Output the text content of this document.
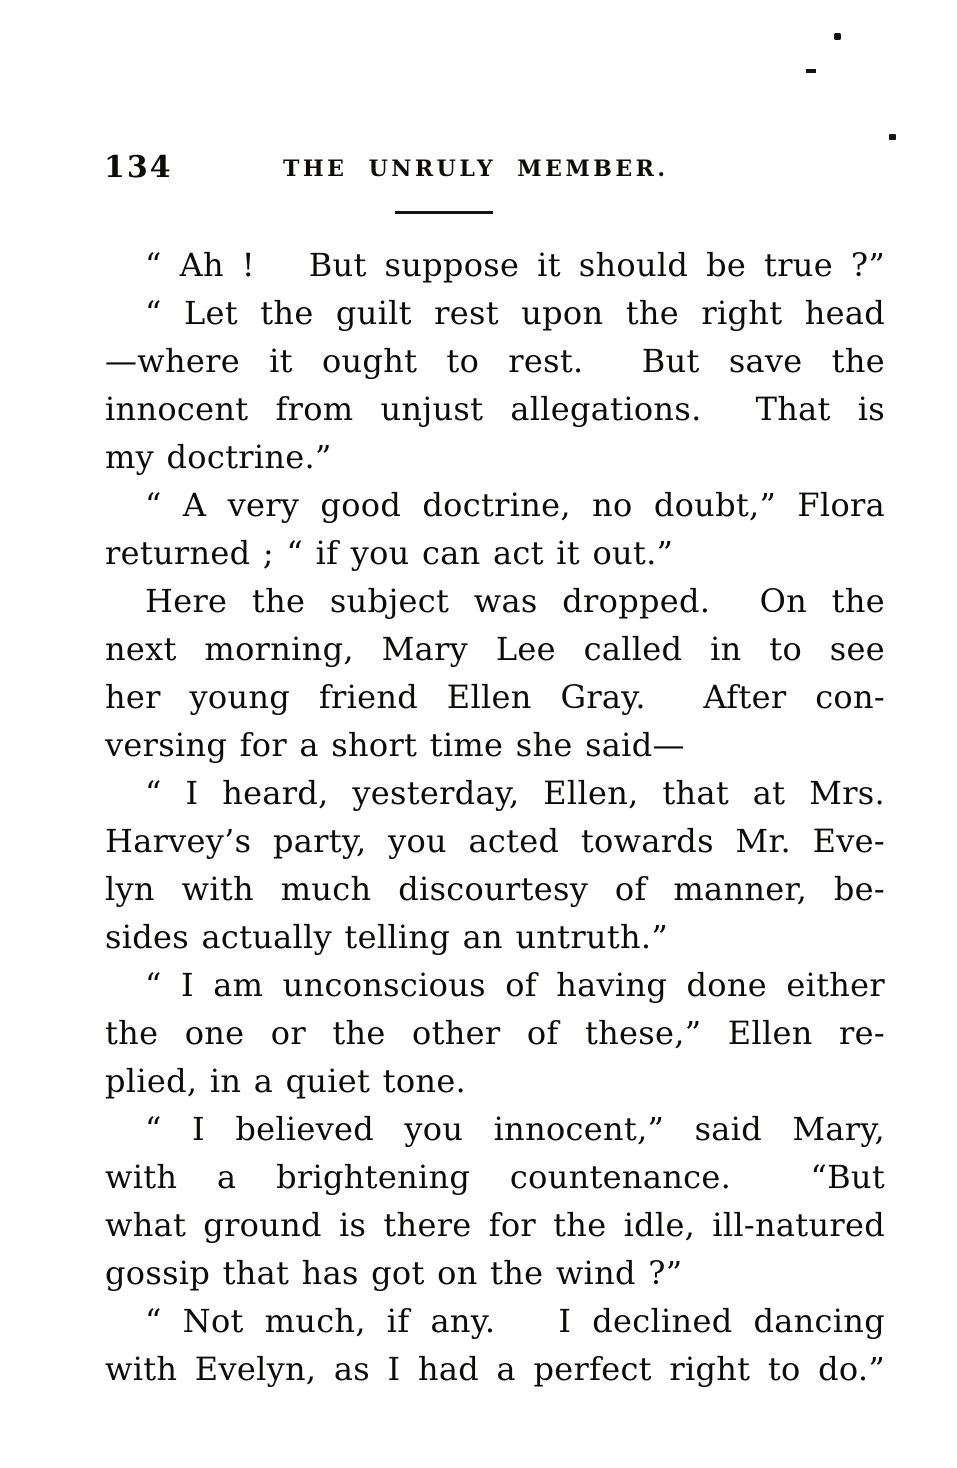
134	THE UNRULY MEMBER.
“ Ah !   But suppose it should be true ?”
“ Let the guilt rest upon the right head
—where it ought to rest.  But save the
innocent from unjust allegations.  That is
my doctrine.”
“ A very good doctrine, no doubt,” Flora
returned ; “ if you can act it out.”
Here the subject was dropped.  On the
next morning, Mary Lee called in to see
her young friend Ellen Gray.  After con-
versing for a short time she said—
“ I heard, yesterday, Ellen, that at Mrs.
Harvey’s party, you acted towards Mr. Eve-
lyn with much discourtesy of manner, be-
sides actually telling an untruth.”
“ I am unconscious of having done either
the one or the other of these,” Ellen re-
plied, in a quiet tone.
“ I believed you innocent,” said Mary,
with a brightening countenance.  “But
what ground is there for the idle, ill-natured
gossip that has got on the wind ?”
“ Not much, if any.   I declined dancing
with Evelyn, as I had a perfect right to do.”
